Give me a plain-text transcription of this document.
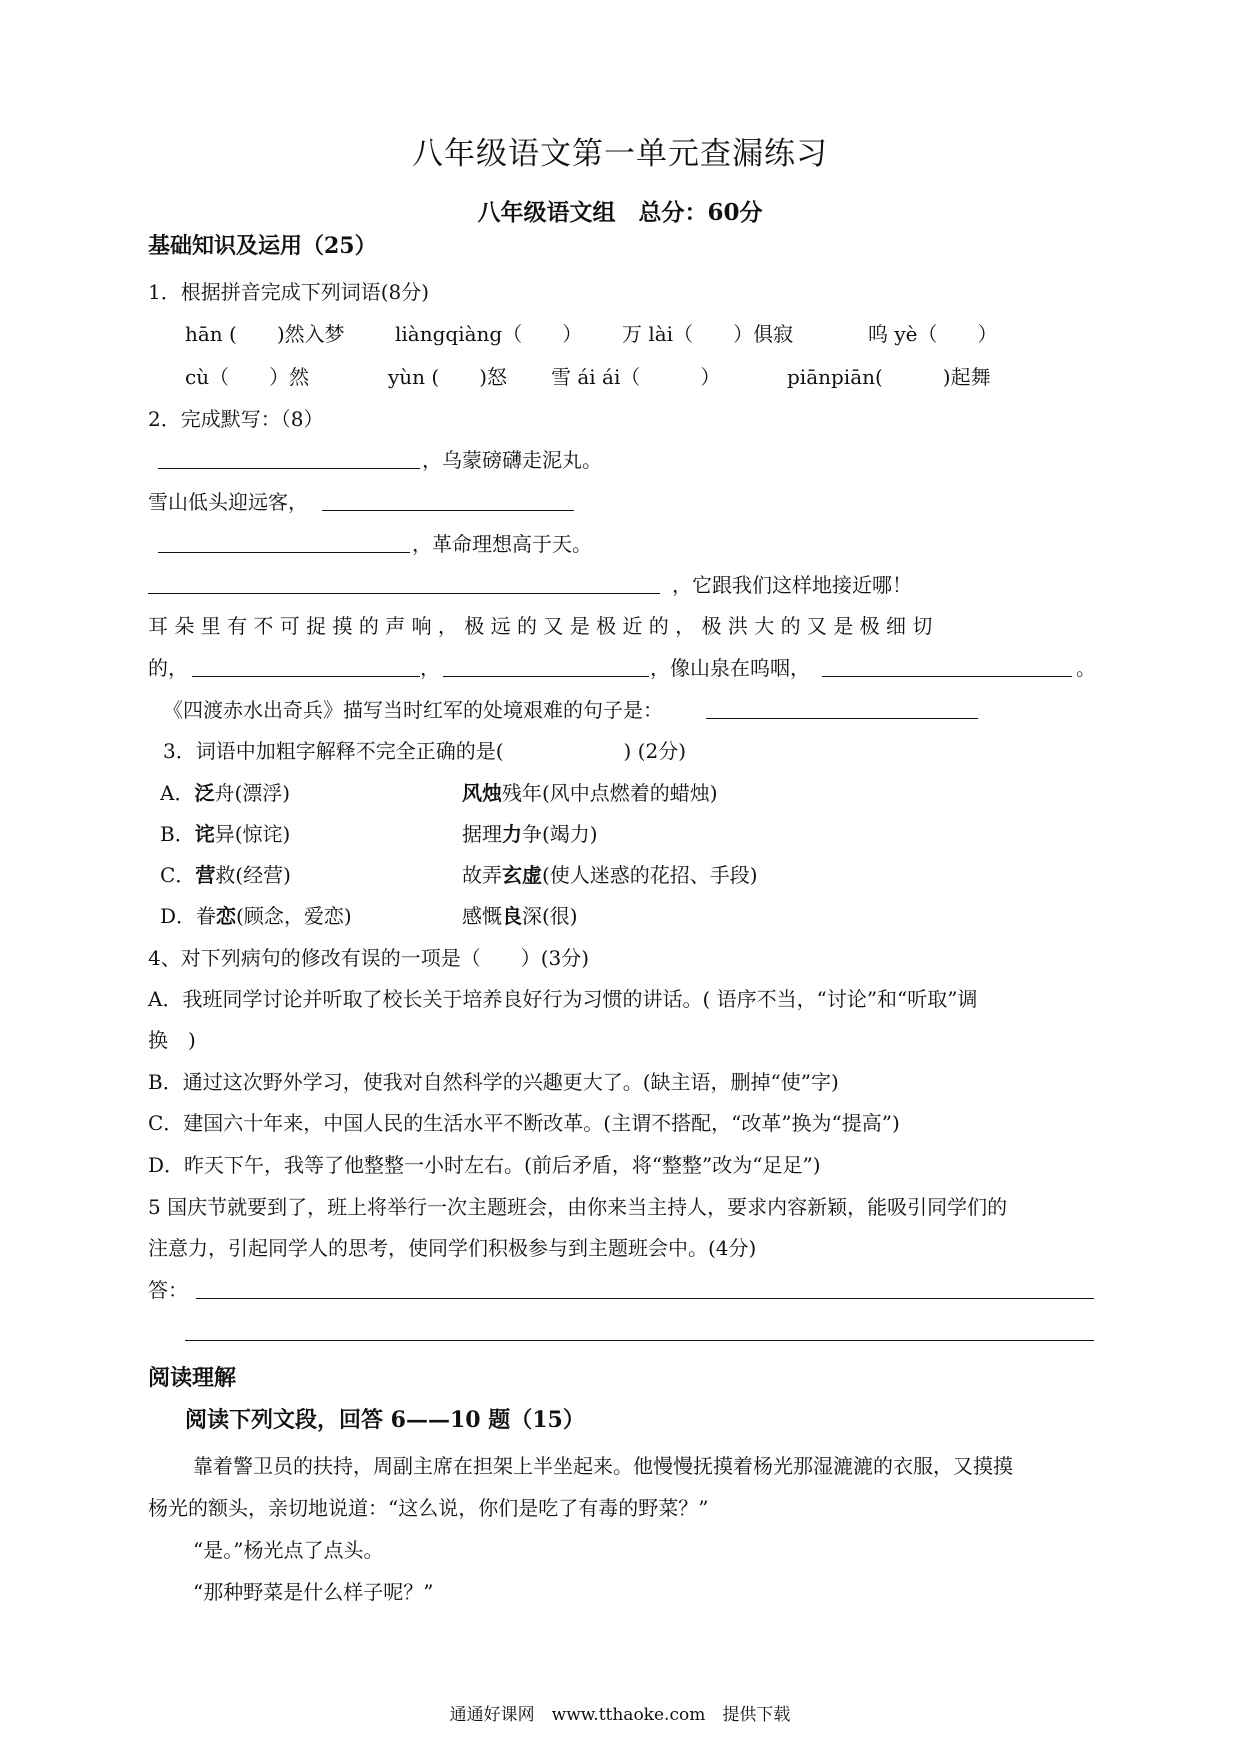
八年级语文第一单元查漏练习
八年级语文组　总分：60分
基础知识及运用（25）
1．根据拼音完成下列词语(8分)
hān (　　)然入梦	liàngqiàng（　　） 万 lài（　　）俱寂	呜 yè（　　）
cù（　　）然	yùn (　　)怒 雪 ái ái（　　　）	piānpiān(　　　)起舞
2．完成默写：（8）
，乌蒙磅礴走泥丸。
雪山低头迎远客，
，革命理想高于天。
，它跟我们这样地接近哪！
耳 朵 里 有 不 可 捉 摸 的 声 响 ， 极 远 的 又 是 极 近 的 ， 极 洪 大 的 又 是 极 细 切
的，	，	，像山泉在呜咽，	。
《四渡赤水出奇兵》描写当时红军的处境艰难的句子是：
3．词语中加粗字解释不完全正确的是(　　　　　　) (2分)
A．泛舟(漂浮)	风烛残年(风中点燃着的蜡烛)
B．诧异(惊诧)	据理力争(竭力)
C．营救(经营)	故弄玄虚(使人迷惑的花招、手段)
D．眷恋(顾念，爱恋)	感慨良深(很)
4、对下列病句的修改有误的一项是（　　）(3分)
A．我班同学讨论并听取了校长关于培养良好行为习惯的讲话。( 语序不当，“讨论”和“听取”调
换　)
B．通过这次野外学习，使我对自然科学的兴趣更大了。(缺主语，删掉“使”字)
C．建国六十年来，中国人民的生活水平不断改革。(主谓不搭配，“改革”换为“提高”)
D．昨天下午，我等了他整整一小时左右。(前后矛盾，将“整整”改为“足足”)
5 国庆节就要到了，班上将举行一次主题班会，由你来当主持人，要求内容新颖，能吸引同学们的
注意力，引起同学人的思考，使同学们积极参与到主题班会中。(4分)
答：
阅读理解
阅读下列文段，回答 6——10 题（15）
靠着警卫员的扶持，周副主席在担架上半坐起来。他慢慢抚摸着杨光那湿漉漉的衣服，又摸摸
杨光的额头，亲切地说道：“这么说，你们是吃了有毒的野菜？”
“是。”杨光点了点头。
“那种野菜是什么样子呢？”
通通好课网　www.tthaoke.com　提供下载
